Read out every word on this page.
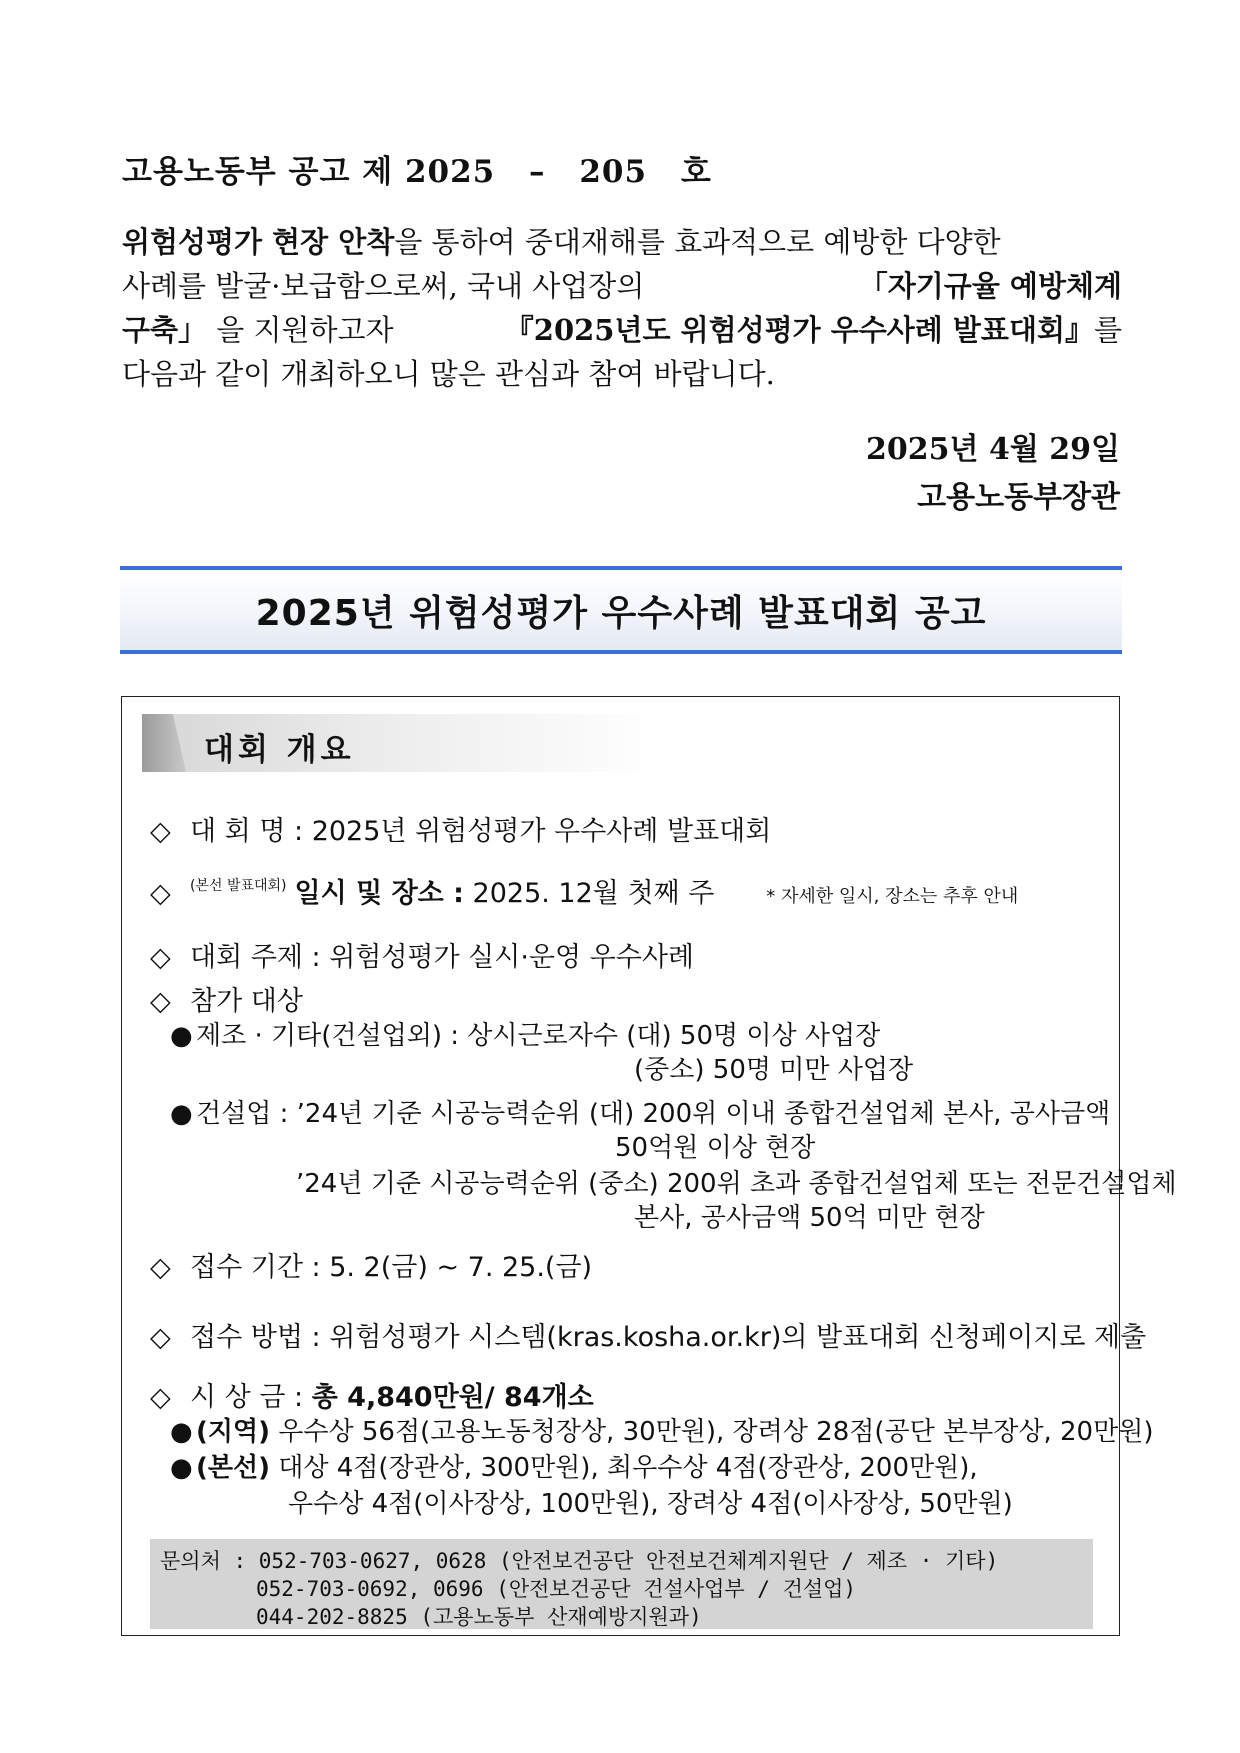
고용노동부 공고 제 2025 – 205 호
위험성평가 현장 안착을 통하여 중대재해를 효과적으로 예방한 다양한
사례를 발굴·보급함으로써, 국내 사업장의	「자기규율 예방체계
구축」 을 지원하고자	『2025년도 위험성평가 우수사례 발표대회』를
다음과 같이 개최하오니 많은 관심과 참여 바랍니다.
2025년 4월 29일
고용노동부장관
2025년 위험성평가 우수사례 발표대회 공고
대회 개요
◇ 대 회 명 : 2025년 위험성평가 우수사례 발표대회
◇ $^{(본선 발표대회)}$ 일시 및 장소 : 2025. 12월 첫째 주	* 자세한 일시, 장소는 추후 안내
◇ 대회 주제 : 위험성평가 실시·운영 우수사례
◇ 참가 대상
● 제조 · 기타(건설업외) : 상시근로자수 (대) 50명 이상 사업장
(중소) 50명 미만 사업장
● 건설업 : ’24년 기준 시공능력순위 (대) 200위 이내 종합건설업체 본사, 공사금액
50억원 이상 현장
’24년 기준 시공능력순위 (중소) 200위 초과 종합건설업체 또는 전문건설업체
본사, 공사금액 50억 미만 현장
◇ 접수 기간 : 5. 2(금) ~ 7. 25.(금)
◇ 접수 방법 : 위험성평가 시스템(kras.kosha.or.kr)의 발표대회 신청페이지로 제출
◇ 시 상 금 : 총 4,840만원/ 84개소
● (지역) 우수상 56점(고용노동청장상, 30만원), 장려상 28점(공단 본부장상, 20만원)
● (본선) 대상 4점(장관상, 300만원), 최우수상 4점(장관상, 200만원),
우수상 4점(이사장상, 100만원), 장려상 4점(이사장상, 50만원)
문의처 : 052-703-0627, 0628 (안전보건공단 안전보건체계지원단 / 제조 · 기타)
052-703-0692, 0696 (안전보건공단 건설사업부 / 건설업)
044-202-8825 (고용노동부 산재예방지원과)
